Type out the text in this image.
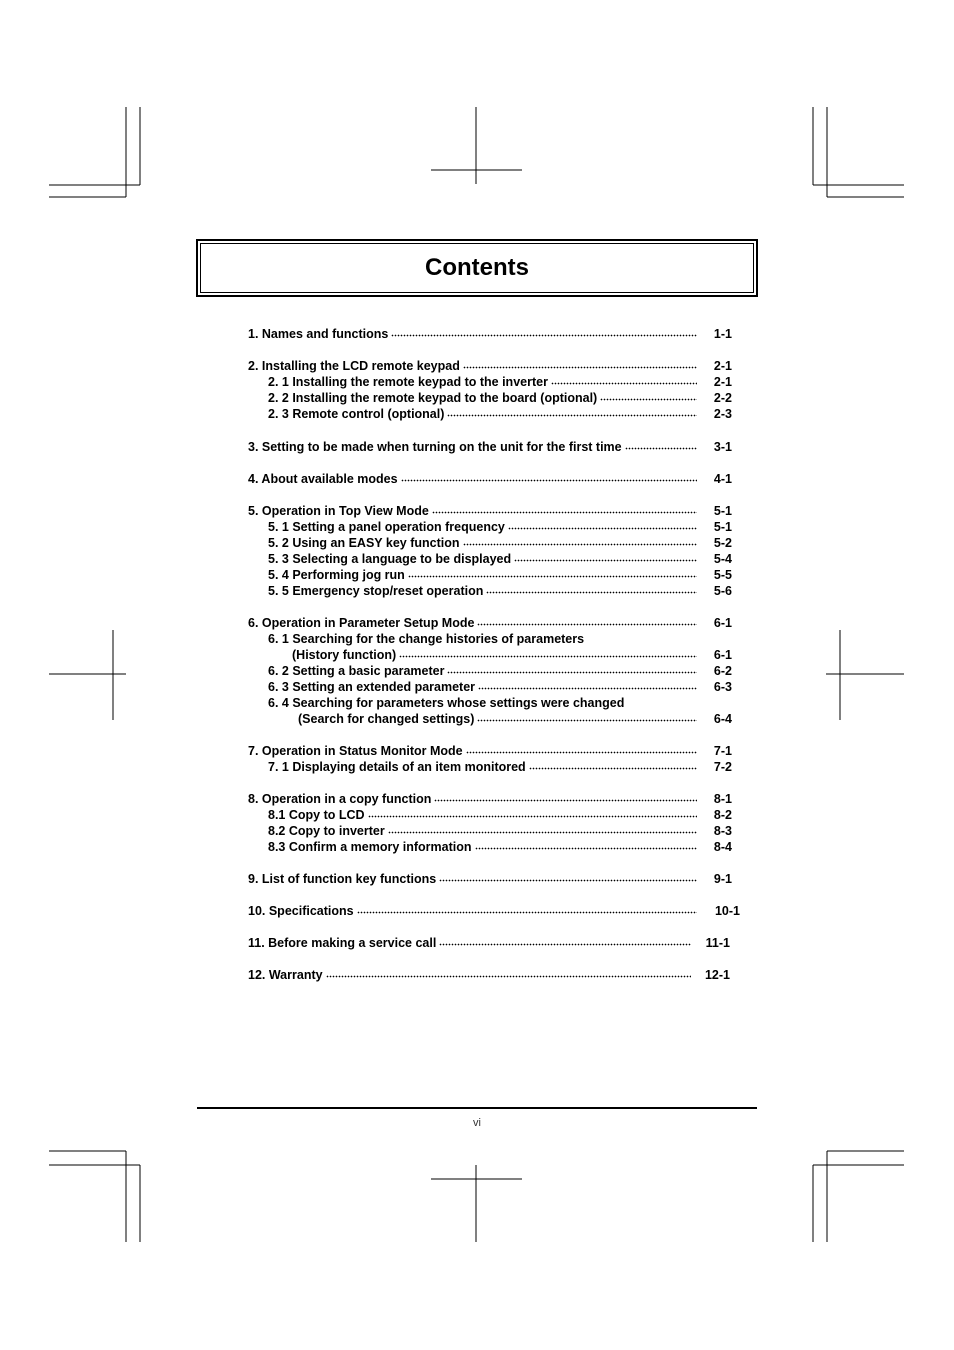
Contents
1. Names and functions	1-1
2. Installing the LCD remote keypad	2-1
2. 1 Installing the remote keypad to the inverter	2-1
2. 2 Installing the remote keypad to the board (optional)	2-2
2. 3 Remote control (optional)	2-3
3. Setting to be made when turning on the unit for the first time	3-1
4. About available modes	4-1
5. Operation in Top View Mode	5-1
5. 1 Setting a panel operation frequency	5-1
5. 2 Using an EASY key function	5-2
5. 3 Selecting a language to be displayed	5-4
5. 4 Performing jog run	5-5
5. 5 Emergency stop/reset operation	5-6
6. Operation in Parameter Setup Mode	6-1
6. 1 Searching for the change histories of parameters
(History function)	6-1
6. 2 Setting a basic parameter	6-2
6. 3 Setting an extended parameter	6-3
6. 4 Searching for parameters whose settings were changed
(Search for changed settings)	6-4
7. Operation in Status Monitor Mode	7-1
7. 1 Displaying details of an item monitored	7-2
8. Operation in a copy function	8-1
8.1 Copy to LCD	8-2
8.2 Copy to inverter	8-3
8.3 Confirm a memory information	8-4
9. List of function key functions	9-1
10. Specifications	10-1
11. Before making a service call	11-1
12. Warranty	12-1
vi
